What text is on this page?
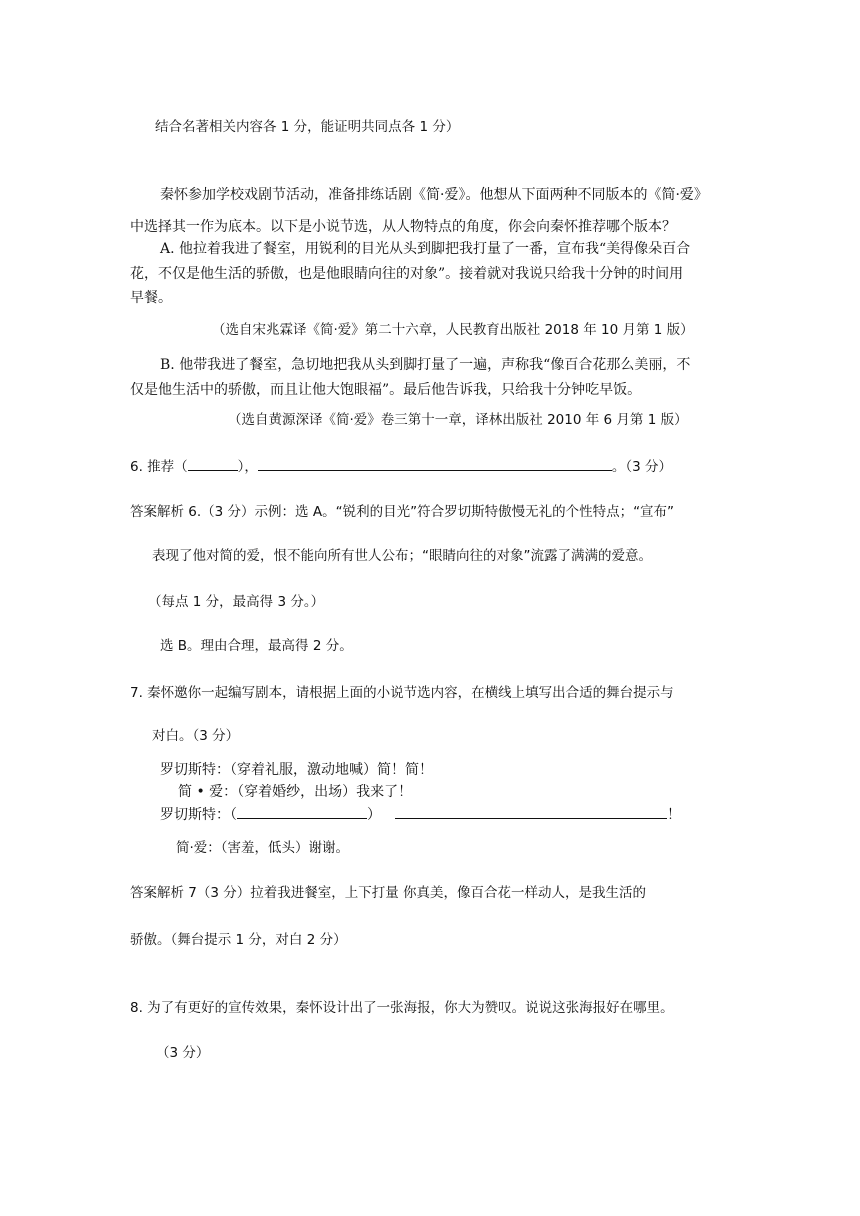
结合名著相关内容各 1 分，能证明共同点各 1 分）
秦怀参加学校戏剧节活动，准备排练话剧《简·爱》。他想从下面两种不同版本的《简·爱》
中选择其一作为底本。以下是小说节选，从人物特点的角度，你会向秦怀推荐哪个版本？
A. 他拉着我进了餐室，用锐利的目光从头到脚把我打量了一番，宣布我“美得像朵百合
花，不仅是他生活的骄傲，也是他眼睛向往的对象”。接着就对我说只给我十分钟的时间用
早餐。
（选自宋兆霖译《简·爱》第二十六章，人民教育出版社 2018 年 10 月第 1 版）
B. 他带我进了餐室，急切地把我从头到脚打量了一遍，声称我“像百合花那么美丽，不
仅是他生活中的骄傲，而且让他大饱眼福”。最后他告诉我，只给我十分钟吃早饭。
（选自黄源深译《简·爱》卷三第十一章，译林出版社 2010 年 6 月第 1 版）
6. 推荐（	），	。（3 分）
答案解析 6.（3 分）示例：选 A。“锐利的目光”符合罗切斯特傲慢无礼的个性特点；“宣布”
表现了他对简的爱，恨不能向所有世人公布；“眼睛向往的对象”流露了满满的爱意。
（每点 1 分，最高得 3 分。）
选 B。理由合理，最高得 2 分。
7. 秦怀邀你一起编写剧本，请根据上面的小说节选内容，在横线上填写出合适的舞台提示与
对白。（3 分）
罗切斯特：（穿着礼服，激动地喊）简！简！
简 • 爱：（穿着婚纱，出场）我来了！
罗切斯特：（	）	！
简·爱：（害羞，低头）谢谢。
答案解析 7（3 分）拉着我进餐室，上下打量 你真美，像百合花一样动人，是我生活的
骄傲。（舞台提示 1 分，对白 2 分）
8. 为了有更好的宣传效果，秦怀设计出了一张海报，你大为赞叹。说说这张海报好在哪里。
（3 分）
